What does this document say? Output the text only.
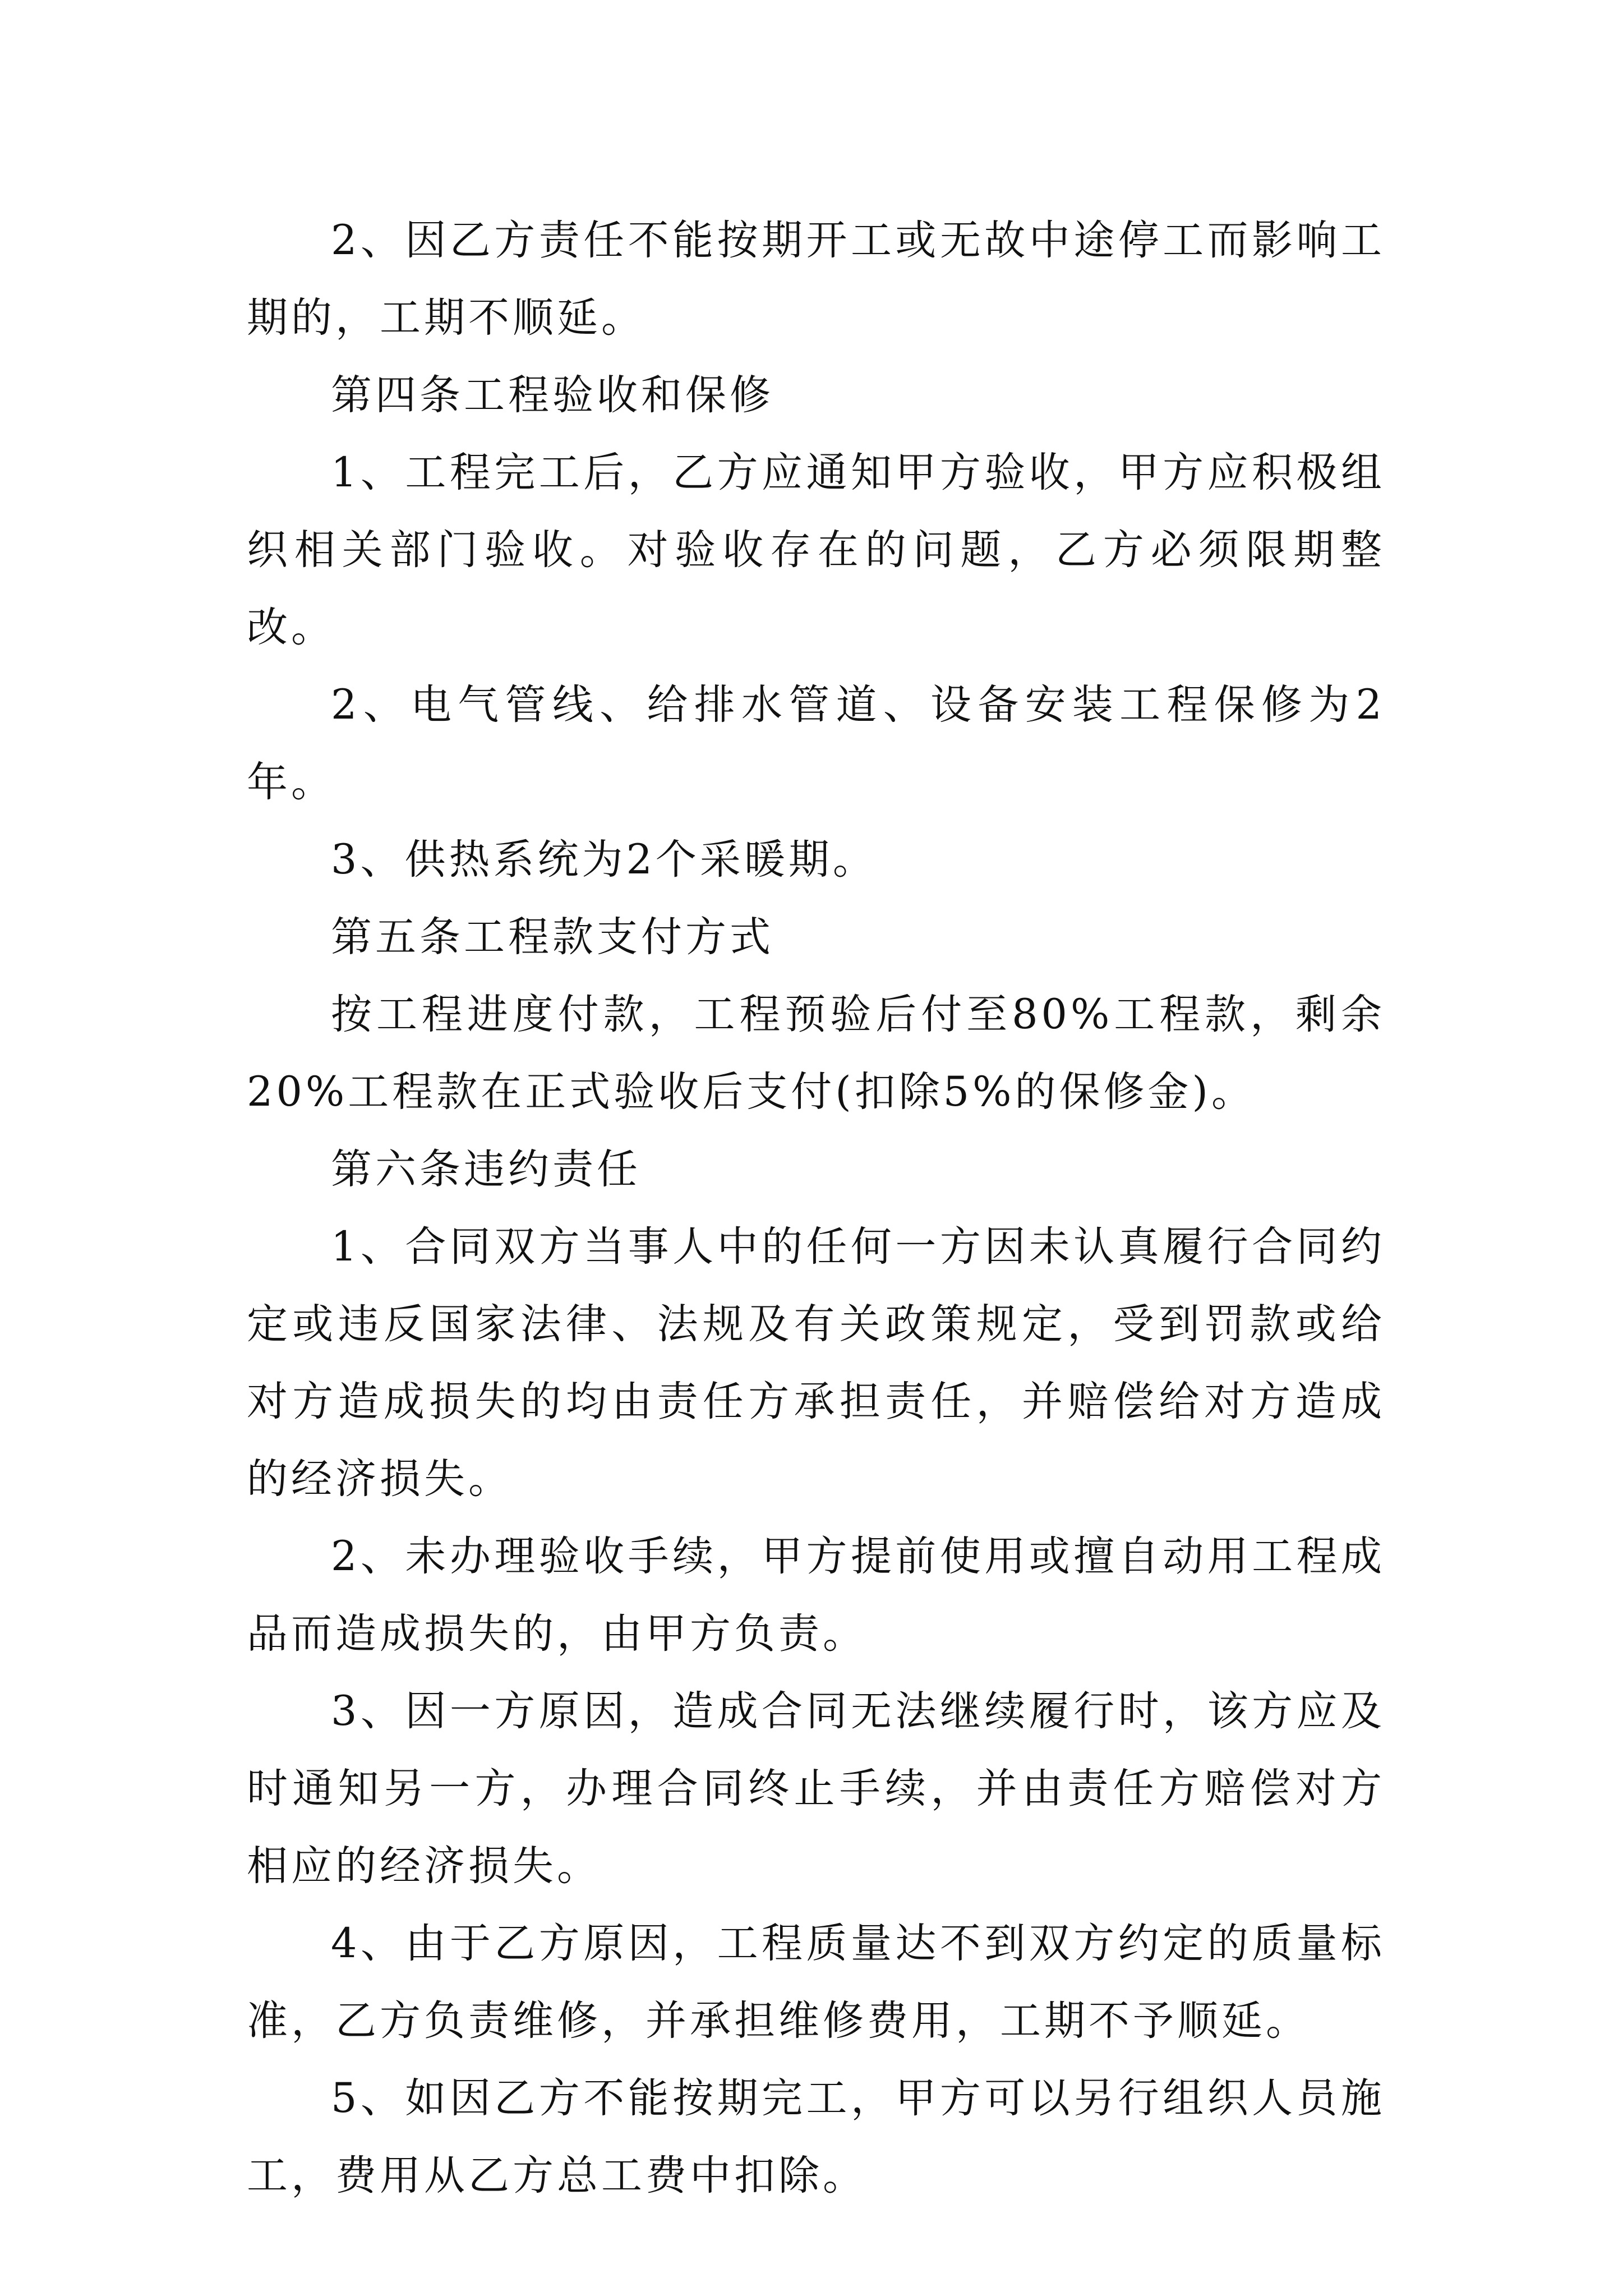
2、因乙方责任不能按期开工或无故中途停工而影响工期的，工期不顺延。

第四条工程验收和保修

1、工程完工后，乙方应通知甲方验收，甲方应积极组织相关部门验收。对验收存在的问题，乙方必须限期整改。

2、电气管线、给排水管道、设备安装工程保修为2年。

3、供热系统为2个采暖期。

第五条工程款支付方式

按工程进度付款，工程预验后付至80%工程款，剩余20%工程款在正式验收后支付(扣除5%的保修金)。

第六条违约责任

1、合同双方当事人中的任何一方因未认真履行合同约定或违反国家法律、法规及有关政策规定，受到罚款或给对方造成损失的均由责任方承担责任，并赔偿给对方造成的经济损失。

2、未办理验收手续，甲方提前使用或擅自动用工程成品而造成损失的，由甲方负责。

3、因一方原因，造成合同无法继续履行时，该方应及时通知另一方，办理合同终止手续，并由责任方赔偿对方相应的经济损失。

4、由于乙方原因，工程质量达不到双方约定的质量标准，乙方负责维修，并承担维修费用，工期不予顺延。

5、如因乙方不能按期完工，甲方可以另行组织人员施工，费用从乙方总工费中扣除。
